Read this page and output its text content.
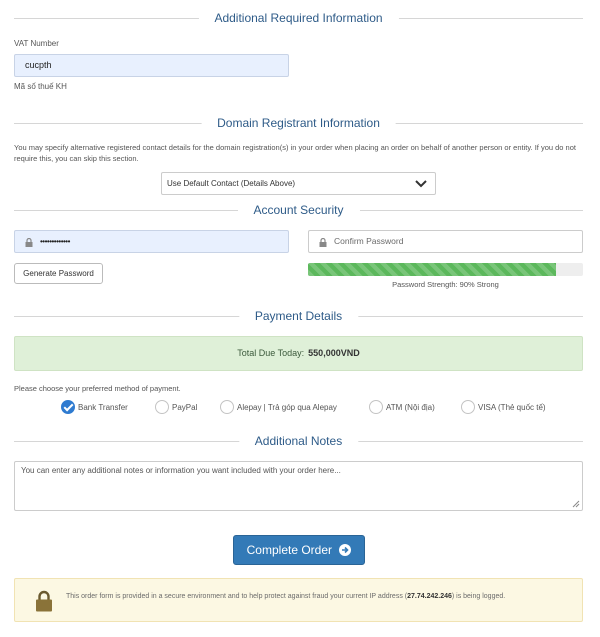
Additional Required Information
VAT Number
cucpth
Mã số thuế KH
Domain Registrant Information
You may specify alternative registered contact details for the domain registration(s) in your order when placing an order on behalf of another person or entity. If you do not require this, you can skip this section.
Use Default Contact (Details Above)
Account Security
•••••••••••••	Confirm Password
Generate Password
Password Strength: 90% Strong
Payment Details
Total Due Today: 550,000VND
Please choose your preferred method of payment.
Bank Transfer	PayPal	Alepay | Trả góp qua Alepay	ATM (Nội địa)	VISA (Thẻ quốc tế)
Additional Notes
You can enter any additional notes or information you want included with your order here...
Complete Order
This order form is provided in a secure environment and to help protect against fraud your current IP address (27.74.242.246) is being logged.
